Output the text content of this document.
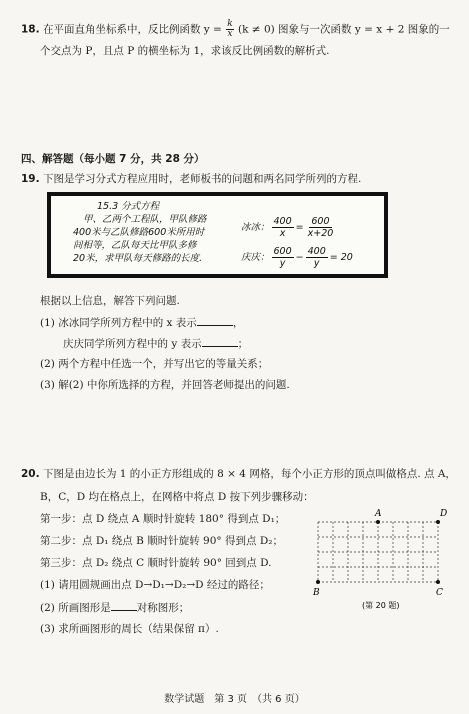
18. 在平面直角坐标系中，反比例函数 $y = \frac{k}{x} (k \ne 0)$ 图象与一次函数 y = x + 2 图象的一
个交点为 P，且点 P 的横坐标为 1，求该反比例函数的解析式.
四、解答题（每小题 7 分，共 28 分）
19. 下图是学习分式方程应用时，老师板书的问题和两名同学所列的方程.
15.3 分式方程
甲、乙两个工程队，甲队修路
400米与乙队修路600米所用时
间相等，乙队每天比甲队多修
20米，求甲队每天修路的长度.
冰冰： $\frac{400}{x} = \frac{600}{x+20}$
庆庆： $\frac{600}{y} - \frac{400}{y} = 20$
根据以上信息，解答下列问题.
(1) 冰冰同学所列方程中的 x 表示	，
庆庆同学所列方程中的 y 表示	；
(2) 两个方程中任选一个，并写出它的等量关系；
(3) 解(2) 中你所选择的方程，并回答老师提出的问题.
20. 下图是由边长为 1 的小正方形组成的 8 × 4 网格，每个小正方形的顶点叫做格点. 点 A，
B，C，D 均在格点上，在网格中将点 D 按下列步骤移动：
第一步：点 D 绕点 A 顺时针旋转 180° 得到点 D₁；
第二步：点 D₁ 绕点 B 顺时针旋转 90° 得到点 D₂；
第三步：点 D₂ 绕点 C 顺时针旋转 90° 回到点 D.
(1) 请用圆规画出点 D→D₁→D₂→D 经过的路径；
(2) 所画图形是 对称图形；
(3) 求所画图形的周长（结果保留 π）.
A	D
B	C
(第 20 题)
数学试题　第 3 页　（共 6 页）
